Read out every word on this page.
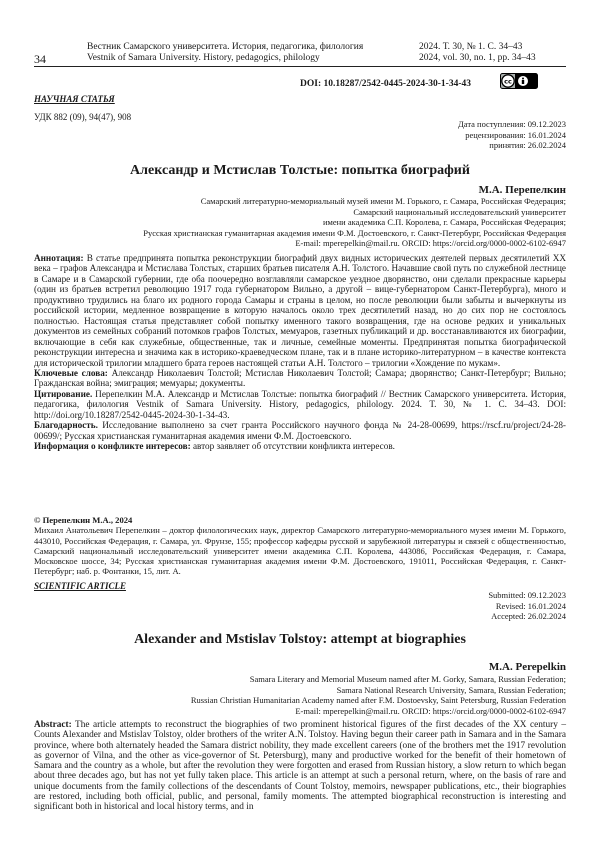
34
Вестник Самарского университета. История, педагогика, филология
Vestnik of Samara University. History, pedagogics, philology
2024. Т. 30, № 1. С. 34–43
2024, vol. 30, no. 1, pp. 34–43
DOI: 10.18287/2542-0445-2024-30-1-34-43	cc
НАУЧНАЯ СТАТЬЯ
УДК 882 (09), 94(47), 908
Дата поступления: 09.12.2023
рецензирования: 16.01.2024
принятия: 26.02.2024
Александр и Мстислав Толстые: попытка биографий
М.А. Перепелкин
Самарский литературно-мемориальный музей имени М. Горького, г. Самара, Российская Федерация;
Самарский национальный исследовательский университет
имени академика С.П. Королева, г. Самара, Российская Федерация;
Русская христианская гуманитарная академия имени Ф.М. Достоевского, г. Санкт-Петербург, Российская Федерация
E-mail: mperepelkin@mail.ru. ORCID: https://orcid.org/0000-0002-6102-6947
Аннотация: В статье предпринята попытка реконструкции биографий двух видных исторических деятелей первых десятилетий XX века – графов Александра и Мстислава Толстых, старших братьев писателя А.Н. Толстого. Начавшие свой путь по служебной лестнице в Самаре и в Самарской губернии, где оба поочередно возглавляли самарское уездное дворянство, они сделали прекрасные карьеры (один из братьев встретил революцию 1917 года губернатором Вильно, а другой – вице-губернатором Санкт-Петербурга), много и продуктивно трудились на благо их родного города Самары и страны в целом, но после революции были забыты и вычеркнуты из российской истории, медленное возвращение в которую началось около трех десятилетий назад, но до сих пор не состоялось полностью. Настоящая статья представляет собой попытку именного такого возвращения, где на основе редких и уникальных документов из семейных собраний потомков графов Толстых, мемуаров, газетных публикаций и др. восстанавливаются их биографии, включающие в себя как служебные, общественные, так и личные, семейные моменты. Предпринятая попытка биографической реконструкции интересна и значима как в историко-краеведческом плане, так и в плане историко-литературном – в качестве контекста для исторической трилогии младшего брата героев настоящей статьи А.Н. Толстого – трилогии «Хождение по мукам».
Ключевые слова: Александр Николаевич Толстой; Мстислав Николаевич Толстой; Самара; дворянство; Санкт-Петербург; Вильно; Гражданская война; эмиграция; мемуары; документы.
Цитирование. Перепелкин М.А. Александр и Мстислав Толстые: попытка биографий // Вестник Самарского университета. История, педагогика, филология Vestnik of Samara University. History, pedagogics, philology. 2024. Т. 30, № 1. С. 34–43. DOI: http://doi.org/10.18287/2542-0445-2024-30-1-34-43.
Благодарность. Исследование выполнено за счет гранта Российского научного фонда № 24-28-00699, https://rscf.ru/project/24-28-00699/; Русская христианская гуманитарная академия имени Ф.М. Достоевского.
Информация о конфликте интересов: автор заявляет об отсутствии конфликта интересов.
© Перепелкин М.А., 2024
Михаил Анатольевич Перепелкин – доктор филологических наук, директор Самарского литературно-мемориального музея имени М. Горького, 443010, Российская Федерация, г. Самара, ул. Фрунзе, 155; профессор кафедры русской и зарубежной литературы и связей с общественностью, Самарский национальный исследовательский университет имени академика С.П. Королева, 443086, Российская Федерация, г. Самара, Московское шоссе, 34; Русская христианская гуманитарная академия имени Ф.М. Достоевского, 191011, Российская Федерация, г. Санкт-Петербург; наб. р. Фонтанки, 15, лит. А.
SCIENTIFIC ARTICLE
Submitted: 09.12.2023
Revised: 16.01.2024
Accepted: 26.02.2024
Alexander and Mstislav Tolstoy: attempt at biographies
M.A. Perepelkin
Samara Literary and Memorial Museum named after M. Gorky, Samara, Russian Federation;
Samara National Research University, Samara, Russian Federation;
Russian Christian Humanitarian Academy named after F.M. Dostoevsky, Saint Petersburg, Russian Federation
E-mail: mperepelkin@mail.ru. ORCID: https://orcid.org/0000-0002-6102-6947
Abstract: The article attempts to reconstruct the biographies of two prominent historical figures of the first decades of the XX century – Counts Alexander and Mstislav Tolstoy, older brothers of the writer A.N. Tolstoy. Having begun their career path in Samara and in the Samara province, where both alternately headed the Samara district nobility, they made excellent careers (one of the brothers met the 1917 revolution as governor of Vilna, and the other as vice-governor of St. Petersburg), many and productive worked for the benefit of their hometown of Samara and the country as a whole, but after the revolution they were forgotten and erased from Russian history, a slow return to which began about three decades ago, but has not yet fully taken place. This article is an attempt at such a personal return, where, on the basis of rare and unique documents from the family collections of the descendants of Count Tolstoy, memoirs, newspaper publications, etc., their biographies are restored, including both official, public, and personal, family moments. The attempted biographical reconstruction is interesting and significant both in historical and local history terms, and in
